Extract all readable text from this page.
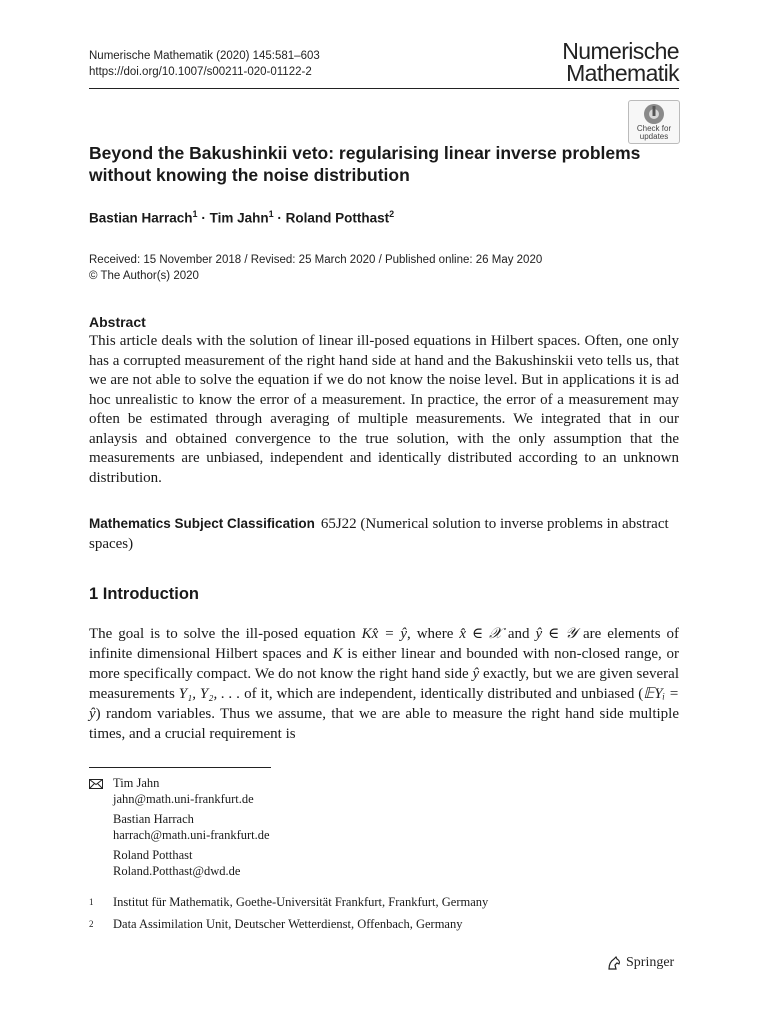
Numerische Mathematik (2020) 145:581–603
https://doi.org/10.1007/s00211-020-01122-2
Numerische
Mathematik
Check for
updates
Beyond the Bakushinkii veto: regularising linear inverse problems without knowing the noise distribution
Bastian Harrach$^1$ · Tim Jahn$^1$ · Roland Potthast$^2$
Received: 15 November 2018 / Revised: 25 March 2020 / Published online: 26 May 2020
© The Author(s) 2020
Abstract
This article deals with the solution of linear ill-posed equations in Hilbert spaces. Often, one only has a corrupted measurement of the right hand side at hand and the Bakushinskii veto tells us, that we are not able to solve the equation if we do not know the noise level. But in applications it is ad hoc unrealistic to know the error of a measurement. In practice, the error of a measurement may often be estimated through averaging of multiple measurements. We integrated that in our anlaysis and obtained convergence to the true solution, with the only assumption that the measurements are unbiased, independent and identically distributed according to an unknown distribution.
Mathematics Subject Classification 65J22 (Numerical solution to inverse problems in abstract spaces)
1 Introduction
The goal is to solve the ill-posed equation Kx̂ = ŷ, where x̂ ∈ 𝒳 and ŷ ∈ 𝒴 are elements of infinite dimensional Hilbert spaces and K is either linear and bounded with non-closed range, or more specifically compact. We do not know the right hand side ŷ exactly, but we are given several measurements Y₁, Y₂, . . . of it, which are independent, identically distributed and unbiased (𝔼Yᵢ = ŷ) random variables. Thus we assume, that we are able to measure the right hand side multiple times, and a crucial requirement is
Tim Jahn
jahn@math.uni-frankfurt.de
Bastian Harrach
harrach@math.uni-frankfurt.de
Roland Potthast
Roland.Potthast@dwd.de
1 Institut für Mathematik, Goethe-Universität Frankfurt, Frankfurt, Germany
2 Data Assimilation Unit, Deutscher Wetterdienst, Offenbach, Germany
Springer
